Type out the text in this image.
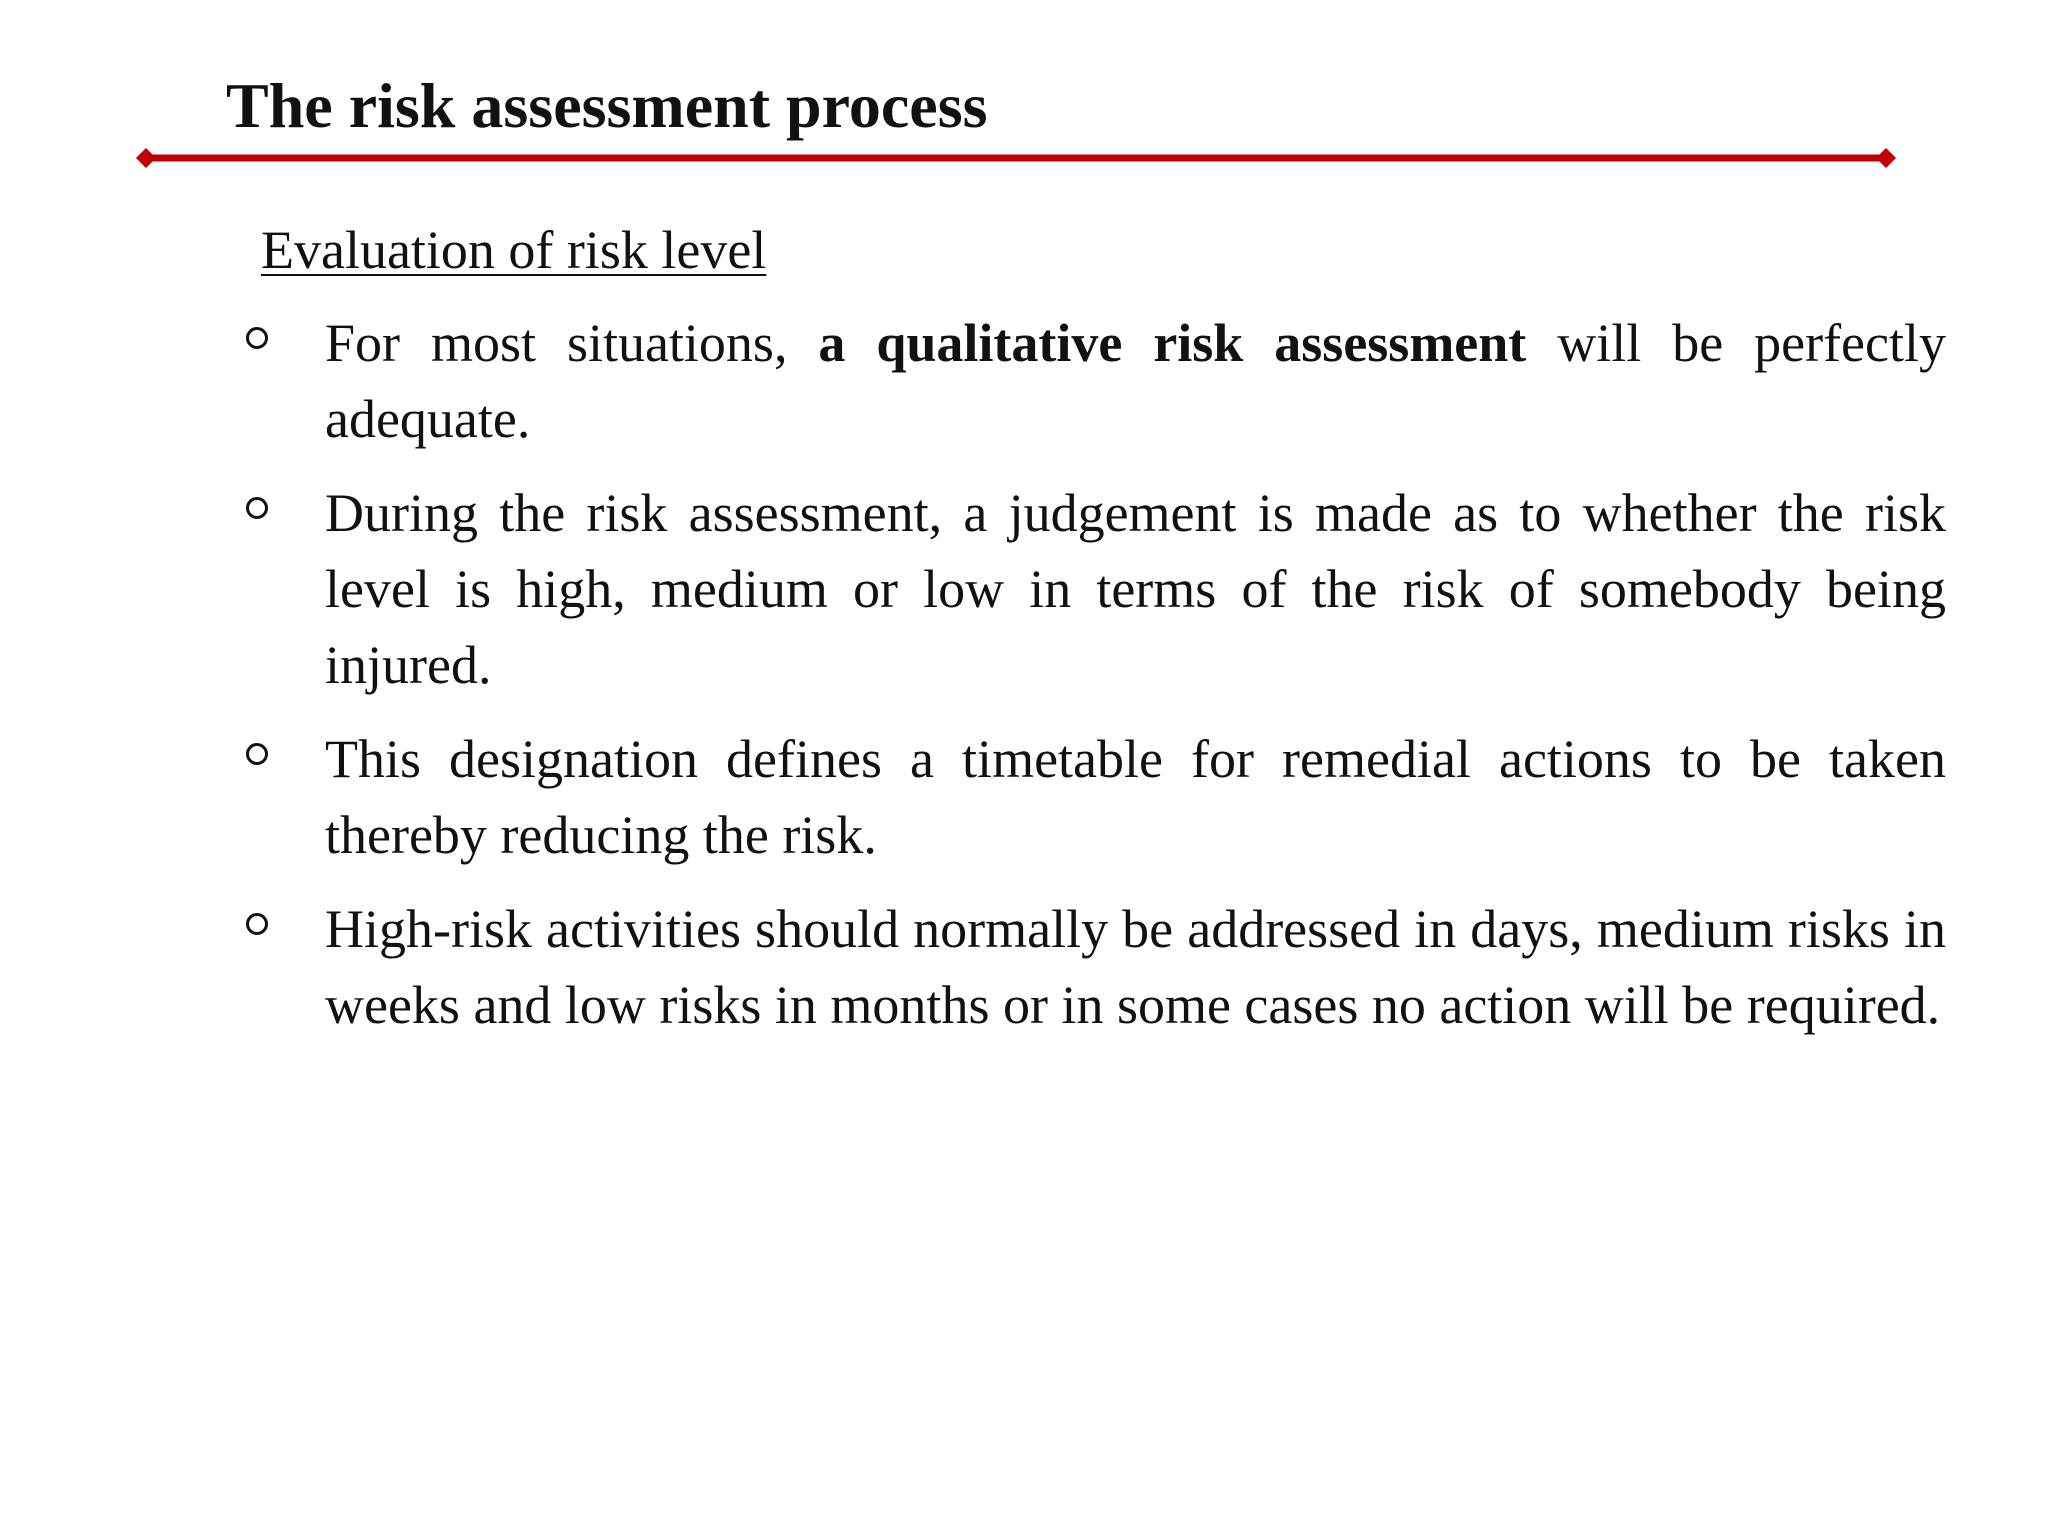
The risk assessment process
Evaluation of risk level
For most situations, a qualitative risk assessment will be perfectly adequate.
During the risk assessment, a judgement is made as to whether the risk level is high, medium or low in terms of the risk of somebody being injured.
This designation defines a timetable for remedial actions to be taken thereby reducing the risk.
High-risk activities should normally be addressed in days, medium risks in weeks and low risks in months or in some cases no action will be required.
